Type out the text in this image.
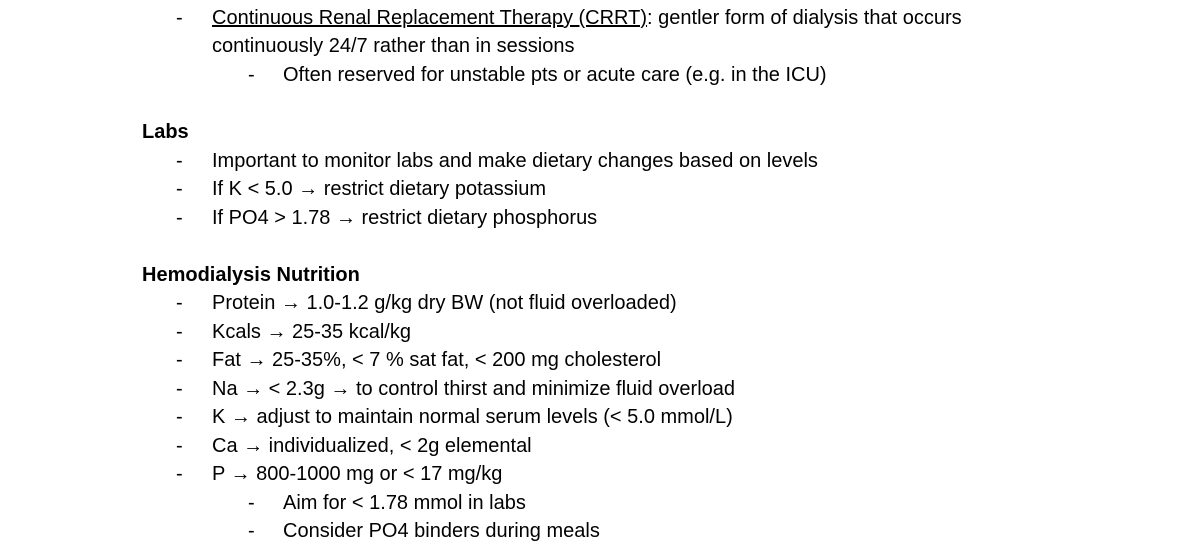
- Continuous Renal Replacement Therapy (CRRT): gentler form of dialysis that occurs
continuously 24/7 rather than in sessions
- Often reserved for unstable pts or acute care (e.g. in the ICU)
Labs
- Important to monitor labs and make dietary changes based on levels
- If K < 5.0 → restrict dietary potassium
- If PO4 > 1.78 → restrict dietary phosphorus
Hemodialysis Nutrition
- Protein → 1.0-1.2 g/kg dry BW (not fluid overloaded)
- Kcals → 25-35 kcal/kg
- Fat → 25-35%, < 7 % sat fat, < 200 mg cholesterol
- Na → < 2.3g → to control thirst and minimize fluid overload
- K → adjust to maintain normal serum levels (< 5.0 mmol/L)
- Ca → individualized, < 2g elemental
- P → 800-1000 mg or < 17 mg/kg
- Aim for < 1.78 mmol in labs
- Consider PO4 binders during meals
